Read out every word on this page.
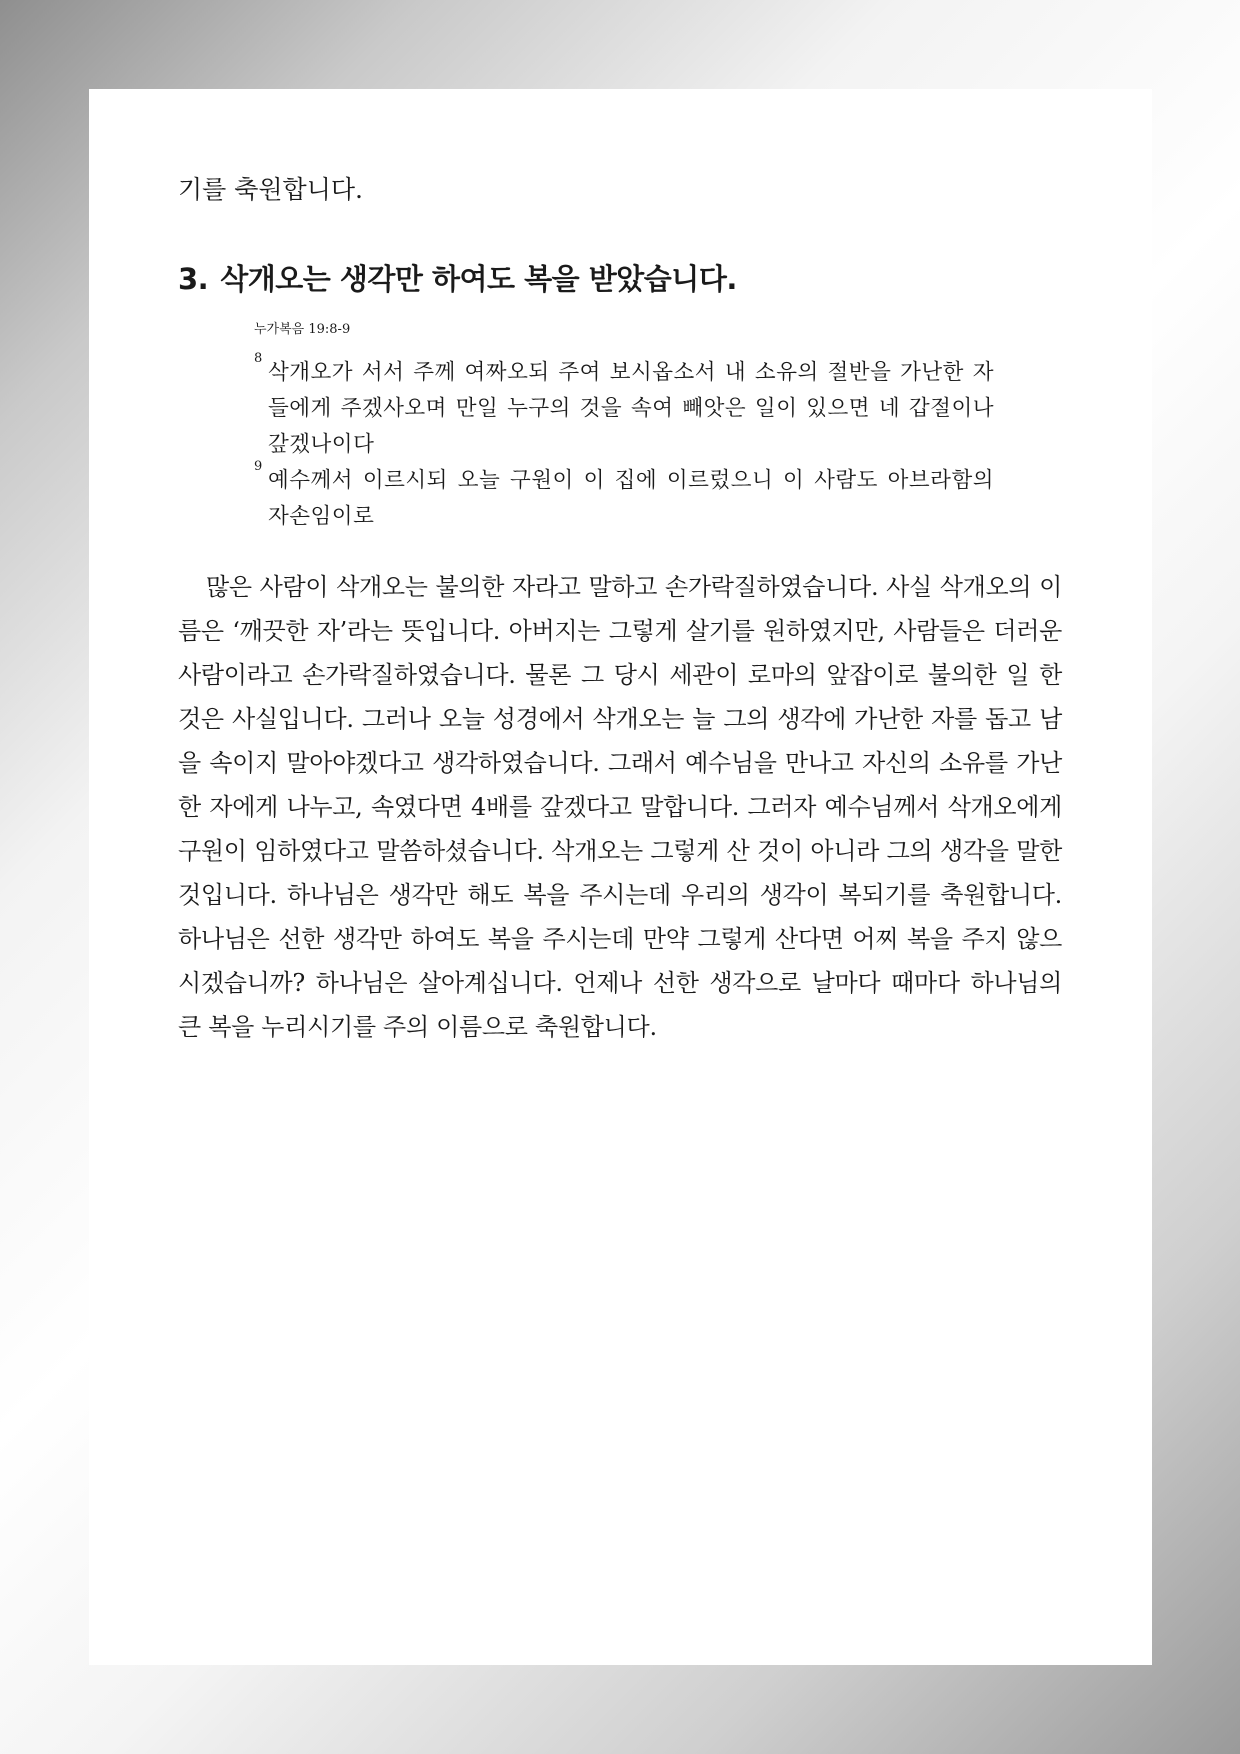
기를 축원합니다.
3. 삭개오는 생각만 하여도 복을 받았습니다.
누가복음 19:8-9
8
삭개오가 서서 주께 여짜오되 주여 보시옵소서 내 소유의 절반을 가난한 자들에게 주겠사오며 만일 누구의 것을 속여 빼앗은 일이 있으면 네 갑절이나 갚겠나이다
9
예수께서 이르시되 오늘 구원이 이 집에 이르렀으니 이 사람도 아브라함의 자손임이로

많은 사람이 삭개오는 불의한 자라고 말하고 손가락질하였습니다. 사실 삭개오의 이름은 ‘깨끗한 자’라는 뜻입니다. 아버지는 그렇게 살기를 원하였지만, 사람들은 더러운 사람이라고 손가락질하였습니다. 물론 그 당시 세관이 로마의 앞잡이로 불의한 일 한 것은 사실입니다. 그러나 오늘 성경에서 삭개오는 늘 그의 생각에 가난한 자를 돕고 남을 속이지 말아야겠다고 생각하였습니다. 그래서 예수님을 만나고 자신의 소유를 가난한 자에게 나누고, 속였다면 4배를 갚겠다고 말합니다. 그러자 예수님께서 삭개오에게 구원이 임하였다고 말씀하셨습니다. 삭개오는 그렇게 산 것이 아니라 그의 생각을 말한 것입니다. 하나님은 생각만 해도 복을 주시는데 우리의 생각이 복되기를 축원합니다. 하나님은 선한 생각만 하여도 복을 주시는데 만약 그렇게 산다면 어찌 복을 주지 않으시겠습니까? 하나님은 살아계십니다. 언제나 선한 생각으로 날마다 때마다 하나님의 큰 복을 누리시기를 주의 이름으로 축원합니다.
